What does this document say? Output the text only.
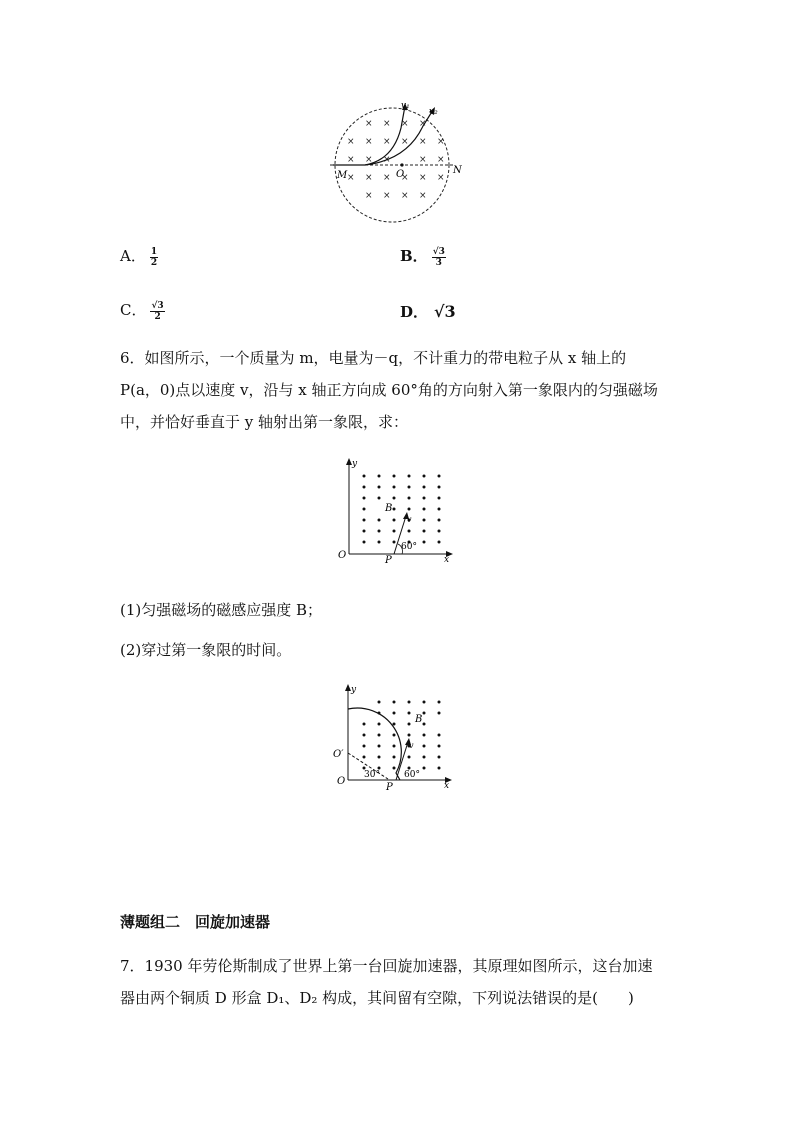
× × × ×
× × × × × ×
× × ×	× ×
× × × × × ×
× × × ×
v₁
v₂
M	O	N
A． $\frac{1}{2}$	B． $\frac{√3}{3}$
C． $\frac{√3}{2}$	D． √3
6．如图所示，一个质量为 m，电量为－q，不计重力的带电粒子从 x 轴上的
P(a，0)点以速度 v，沿与 x 轴正方向成 60°角的方向射入第一象限内的匀强磁场
中，并恰好垂直于 y 轴射出第一象限，求：
y
x
O	P
B
v
60°
(1)匀强磁场的磁感应强度 B；
(2)穿过第一象限的时间。
y
x
O
O′
P
B
v
30°	60°
薄题组二　回旋加速器
7．1930 年劳伦斯制成了世界上第一台回旋加速器，其原理如图所示，这台加速
器由两个铜质 D 形盒 D₁、D₂ 构成，其间留有空隙，下列说法错误的是(　　)
